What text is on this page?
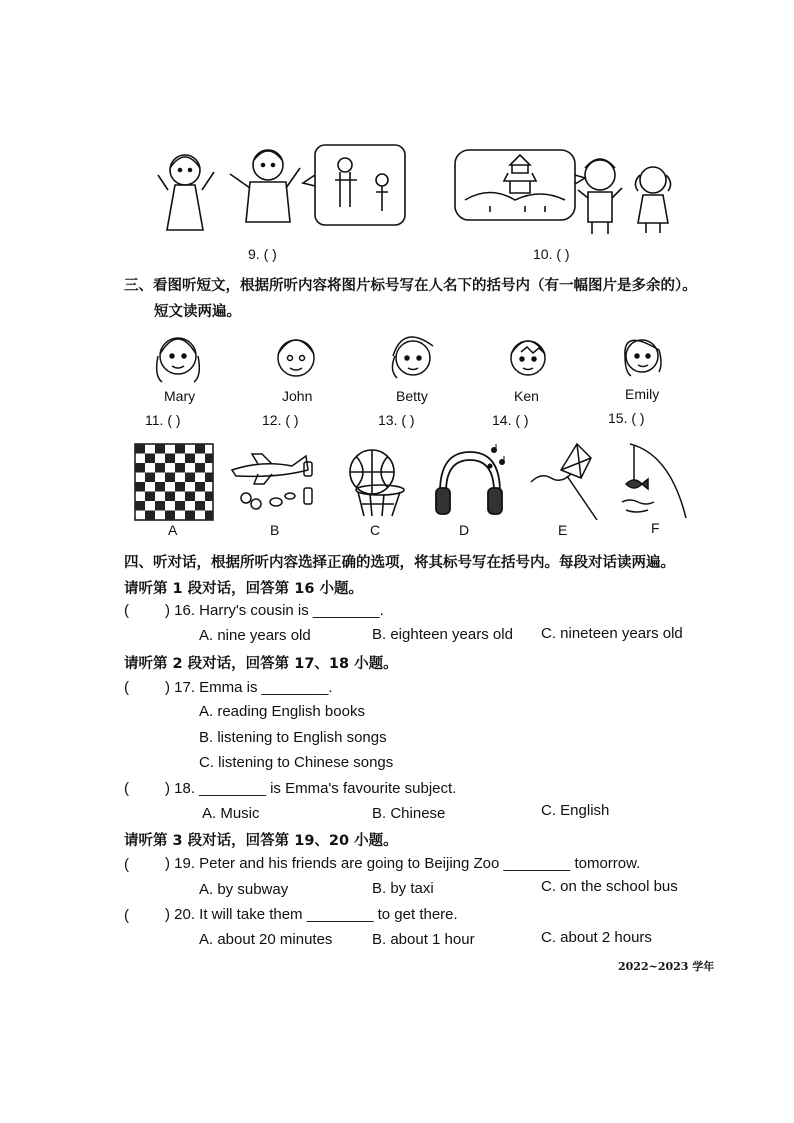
9. ( )	10. ( )
三、看图听短文，根据所听内容将图片标号写在人名下的括号内（有一幅图片是多余的）。
短文读两遍。
Mary	John	Betty	Ken	Emily
11. ( )	12. ( )	13. ( )	14. ( )	15. ( )
A	B	C	D	E	F
四、听对话，根据所听内容选择正确的选项，将其标号写在括号内。每段对话读两遍。
请听第 1 段对话，回答第 16 小题。
( ) 16. Harry's cousin is ________.
A. nine years old	B. eighteen years old C. nineteen years old
请听第 2 段对话，回答第 17、18 小题。
( ) 17. Emma is ________.
A. reading English books
B. listening to English songs
C. listening to Chinese songs
( ) 18. ________ is Emma's favourite subject.
A. Music	B. Chinese	C. English
请听第 3 段对话，回答第 19、20 小题。
( ) 19. Peter and his friends are going to Beijing Zoo ________ tomorrow.
A. by subway	B. by taxi	C. on the school bus
( ) 20. It will take them ________ to get there.
A. about 20 minutes	B. about 1 hour	C. about 2 hours
2022~2023 学年
